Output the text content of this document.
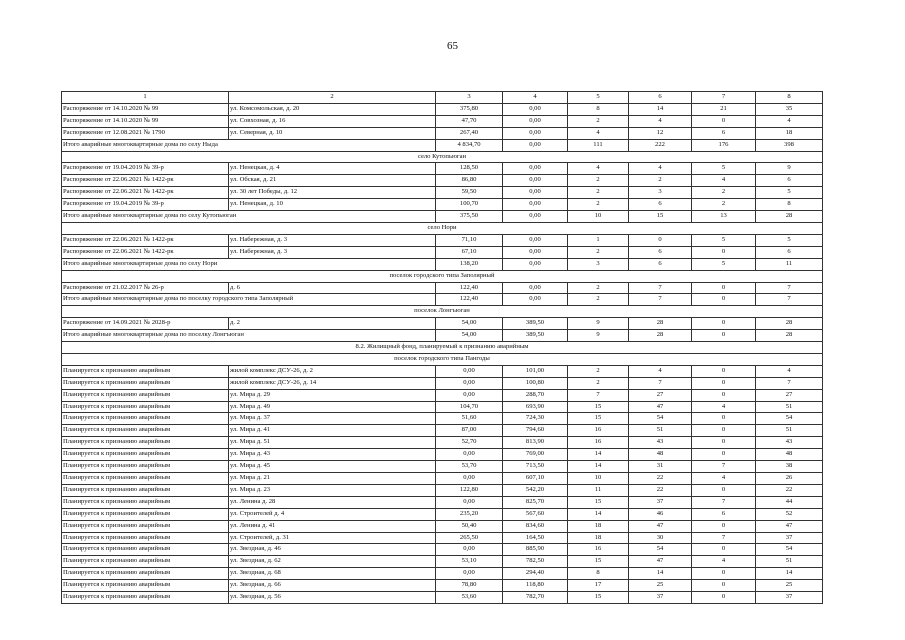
65
1	2	3	4	5	6	7	8
Распоряжение от 14.10.2020 № 99	ул. Комсомольская, д. 20	375,80	0,00	8	14	21	35
Распоряжение от 14.10.2020 № 99	ул. Совхозная, д. 16	47,70	0,00	2	4	0	4
Распоряжение от 12.08.2021 № 1790	ул. Северная, д. 10	267,40	0,00	4	12	6	18
Итого аварийные многоквартирные дома по селу Ныда		4 834,70	0,00	111	222	176	398
село Кутопьюган							
Распоряжение от 19.04.2019 № 39-р	ул. Ненецкая, д. 4	128,50	0,00	4	4	5	9
Распоряжение от 22.06.2021 № 1422-рк	ул. Обская, д. 21	86,80	0,00	2	2	4	6
Распоряжение от 22.06.2021 № 1422-рк	ул. 30 лет Победы, д. 12	59,50	0,00	2	3	2	5
Распоряжение от 19.04.2019 № 39-р	ул. Ненецкая, д. 10	100,70	0,00	2	6	2	8
Итого аварийные многоквартирные дома по селу Кутопьюган		375,50	0,00	10	15	13	28
село Нори							
Распоряжение от 22.06.2021 № 1422-рк	ул. Набережная, д. 3	71,10	0,00	1	0	5	5
Распоряжение от 22.06.2021 № 1422-рк	ул. Набережная, д. 3	67,10	0,00	2	6	0	6
Итого аварийные многоквартирные дома по селу Нори		138,20	0,00	3	6	5	11
поселок городского типа Заполярный							
Распоряжение от 21.02.2017 № 26-р	д. 6	122,40	0,00	2	7	0	7
Итого аварийные многоквартирные дома по поселку городского типа Заполярный		122,40	0,00	2	7	0	7
поселок Лонгъюган							
Распоряжение от 14.09.2021 № 2028-р	д. 2	54,00	389,50	9	28	0	28
Итого аварийные многоквартирные дома по поселку Лонгъюган		54,00	389,50	9	28	0	28
8.2. Жилищный фонд, планируемый к признанию аварийным							
поселок городского типа Пангоды							
Планируется к признанию аварийным	жилой комплекс ДСУ-26, д. 2	0,00	101,00	2	4	0	4
Планируется к признанию аварийным	жилой комплекс ДСУ-26, д. 14	0,00	100,80	2	7	0	7
Планируется к признанию аварийным	ул. Мира д. 29	0,00	288,70	7	27	0	27
Планируется к признанию аварийным	ул. Мира д. 49	104,70	693,90	15	47	4	51
Планируется к признанию аварийным	ул. Мира д. 37	51,60	724,30	15	54	0	54
Планируется к признанию аварийным	ул. Мира д. 41	87,00	794,60	16	51	0	51
Планируется к признанию аварийным	ул. Мира д. 51	52,70	813,90	16	43	0	43
Планируется к признанию аварийным	ул. Мира д. 43	0,00	769,00	14	48	0	48
Планируется к признанию аварийным	ул. Мира д. 45	53,70	713,50	14	31	7	38
Планируется к признанию аварийным	ул. Мира д. 21	0,00	607,10	10	22	4	26
Планируется к признанию аварийным	ул. Мира д. 23	122,80	542,20	11	22	0	22
Планируется к признанию аварийным	ул. Ленина д. 28	0,00	825,70	15	37	7	44
Планируется к признанию аварийным	ул. Строителей д. 4	235,20	567,60	14	46	6	52
Планируется к признанию аварийным	ул. Ленина д. 41	50,40	834,60	18	47	0	47
Планируется к признанию аварийным	ул. Строителей, д. 31	265,50	164,50	18	30	7	37
Планируется к признанию аварийным	ул. Звездная, д. 46	0,00	885,90	16	54	0	54
Планируется к признанию аварийным	ул. Звездная, д. 62	53,10	782,50	15	47	4	51
Планируется к признанию аварийным	ул. Звездная, д. 68	0,00	294,40	8	14	0	14
Планируется к признанию аварийным	ул. Звездная, д. 66	78,80	118,80	17	25	0	25
Планируется к признанию аварийным	ул. Звездная, д. 56	53,60	782,70	15	37	0	37
